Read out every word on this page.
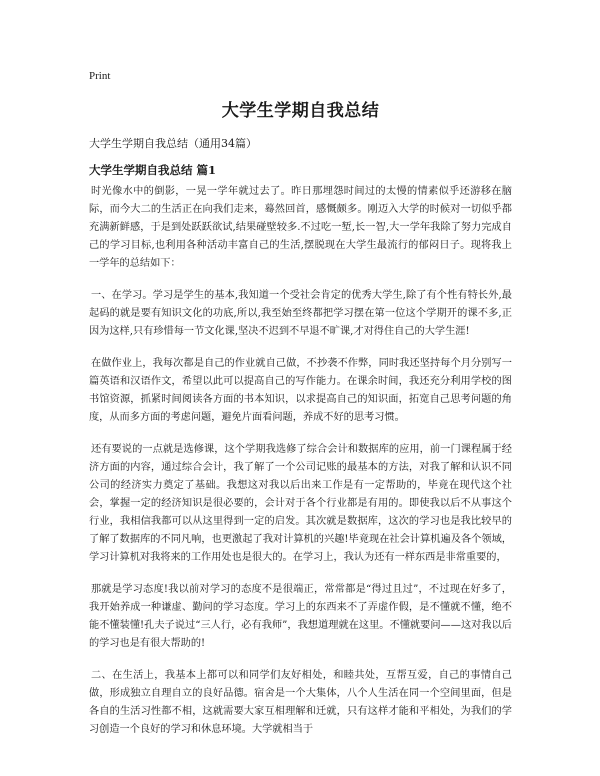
Print
大学生学期自我总结

大学生学期自我总结（通用34篇）

大学生学期自我总结 篇1

时光像水中的倒影，一晃一学年就过去了。昨日那埋怨时间过的太慢的情素似乎还游移在脑际，而今大二的生活正在向我们走来，蓦然回首，感慨颇多。刚迈入大学的时候对一切似乎都充满新鲜感，于是到处跃跃欲试,结果碰壁较多.不过吃一堑,长一智,大一学年我除了努力完成自己的学习目标,也利用各种活动丰富自己的生活,摆脱现在大学生最流行的郁闷日子。现将我上一学年的总结如下：

一、在学习。学习是学生的基本,我知道一个受社会肯定的优秀大学生,除了有个性有特长外,最起码的就是要有知识文化的功底,所以,我至始至终都把学习摆在第一位这个学期开的课不多,正因为这样,只有珍惜每一节文化课,坚决不迟到不早退不旷课,才对得住自己的大学生涯!

在做作业上，我每次都是自己的作业就自己做，不抄袭不作弊，同时我还坚持每个月分别写一篇英语和汉语作文，希望以此可以提高自己的写作能力。在课余时间，我还充分利用学校的图书馆资源，抓紧时间阅读各方面的书本知识，以求提高自己的知识面，拓宽自己思考问题的角度，从而多方面的考虑问题，避免片面看问题，养成不好的思考习惯。

还有要说的一点就是选修课，这个学期我选修了综合会计和数据库的应用，前一门课程属于经济方面的内容，通过综合会计，我了解了一个公司记账的最基本的方法，对我了解和认识不同公司的经济实力奠定了基础。我想这对我以后出来工作是有一定帮助的，毕竟在现代这个社会，掌握一定的经济知识是很必要的，会计对于各个行业都是有用的。即使我以后不从事这个行业，我相信我都可以从这里得到一定的启发。其次就是数据库，这次的学习也是我比较早的了解了数据库的不同凡响，也更激起了我对计算机的兴趣!毕竟现在社会计算机遍及各个领域，学习计算机对我将来的工作用处也是很大的。在学习上，我认为还有一样东西是非常重要的，

那就是学习态度!我以前对学习的态度不是很端正，常常都是“得过且过”，不过现在好多了，我开始养成一种谦虚、勤问的学习态度。学习上的东西来不了弄虚作假，是不懂就不懂，绝不能不懂装懂!孔夫子说过“三人行，必有我师”，我想道理就在这里。不懂就要问——这对我以后的学习也是有很大帮助的!

二、在生活上，我基本上都可以和同学们友好相处，和睦共处，互帮互爱，自己的事情自己做，形成独立自理自立的良好品德。宿舍是一个大集体，八个人生活在同一个空间里面，但是各自的生活习性都不相，这就需要大家互相理解和迁就，只有这样才能和平相处，为我们的学习创造一个良好的学习和休息环境。大学就相当于
